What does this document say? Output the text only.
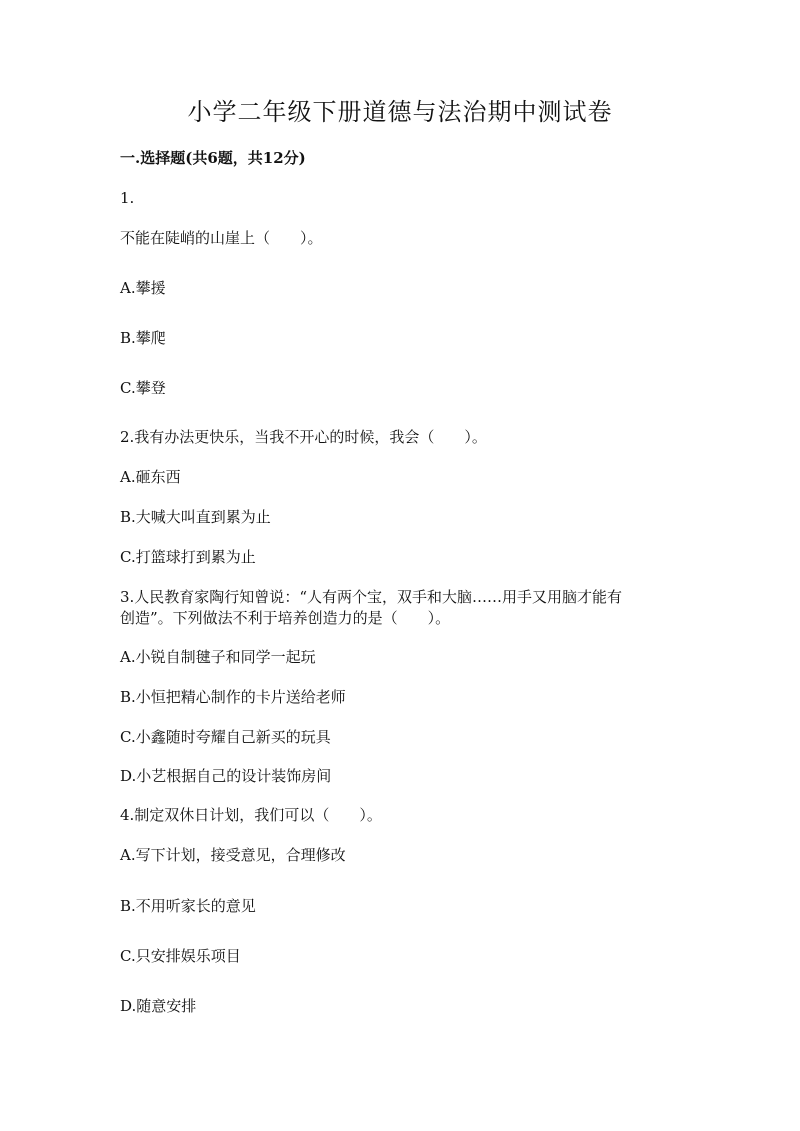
小学二年级下册道德与法治期中测试卷
一.选择题(共6题，共12分)
1.
不能在陡峭的山崖上（　　）。
A.攀援
B.攀爬
C.攀登
2.我有办法更快乐，当我不开心的时候，我会（　　）。
A.砸东西
B.大喊大叫直到累为止
C.打篮球打到累为止
3.人民教育家陶行知曾说：“人有两个宝，双手和大脑……用手又用脑才能有
创造”。下列做法不利于培养创造力的是（　　）。
A.小锐自制毽子和同学一起玩
B.小恒把精心制作的卡片送给老师
C.小鑫随时夸耀自己新买的玩具
D.小艺根据自己的设计装饰房间
4.制定双休日计划，我们可以（　　）。
A.写下计划，接受意见，合理修改
B.不用听家长的意见
C.只安排娱乐项目
D.随意安排
